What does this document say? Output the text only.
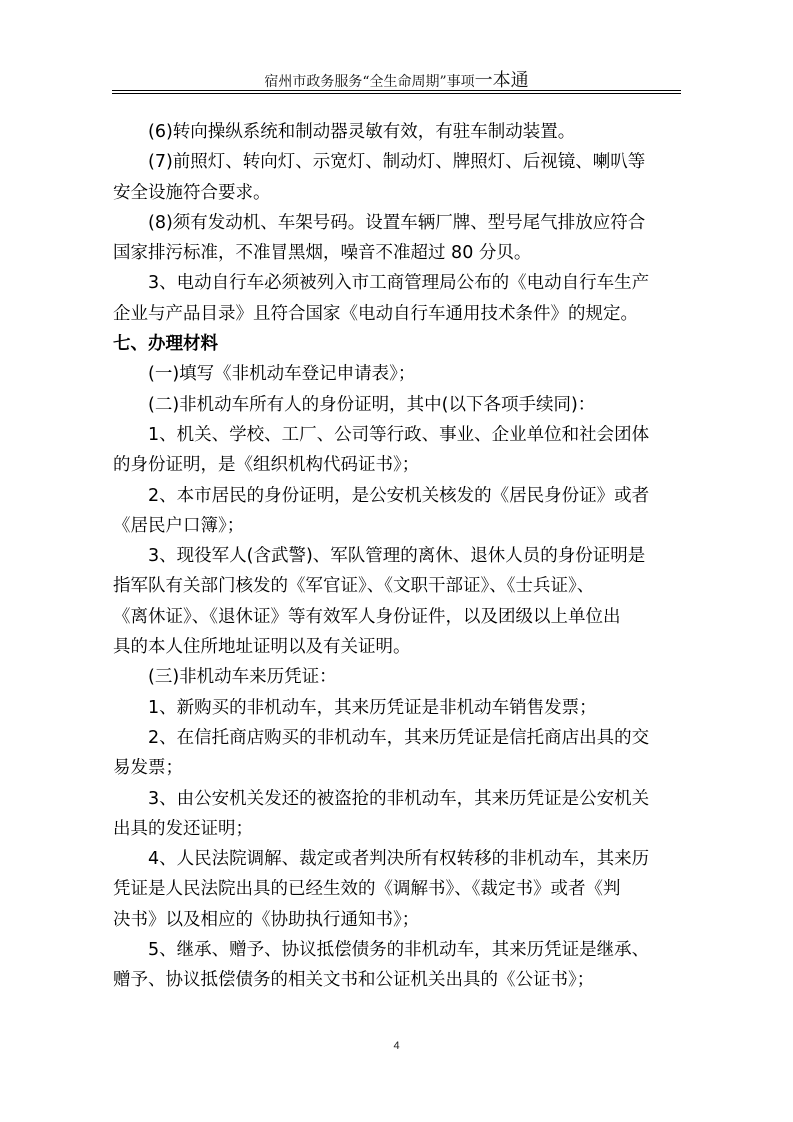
宿州市政务服务“全生命周期”事项一本通

(6)转向操纵系统和制动器灵敏有效，有驻车制动装置。

(7)前照灯、转向灯、示宽灯、制动灯、牌照灯、后视镜、喇叭等

安全设施符合要求。

(8)须有发动机、车架号码。设置车辆厂牌、型号尾气排放应符合

国家排污标准，不准冒黑烟，噪音不准超过 80 分贝。

3、电动自行车必须被列入市工商管理局公布的《电动自行车生产

企业与产品目录》且符合国家《电动自行车通用技术条件》的规定。

七、办理材料

(一)填写《非机动车登记申请表》；

(二)非机动车所有人的身份证明，其中(以下各项手续同)：

1、机关、学校、工厂、公司等行政、事业、企业单位和社会团体

的身份证明，是《组织机构代码证书》；

2、本市居民的身份证明，是公安机关核发的《居民身份证》或者

《居民户口簿》；

3、现役军人(含武警)、军队管理的离休、退休人员的身份证明是

指军队有关部门核发的《军官证》、《文职干部证》、《士兵证》、

《离休证》、《退休证》等有效军人身份证件，以及团级以上单位出

具的本人住所地址证明以及有关证明。

(三)非机动车来历凭证：

1、新购买的非机动车，其来历凭证是非机动车销售发票；

2、在信托商店购买的非机动车，其来历凭证是信托商店出具的交

易发票；

3、由公安机关发还的被盗抢的非机动车，其来历凭证是公安机关

出具的发还证明；

4、人民法院调解、裁定或者判决所有权转移的非机动车，其来历

凭证是人民法院出具的已经生效的《调解书》、《裁定书》或者《判

决书》以及相应的《协助执行通知书》；

5、继承、赠予、协议抵偿债务的非机动车，其来历凭证是继承、

赠予、协议抵偿债务的相关文书和公证机关出具的《公证书》；

4
